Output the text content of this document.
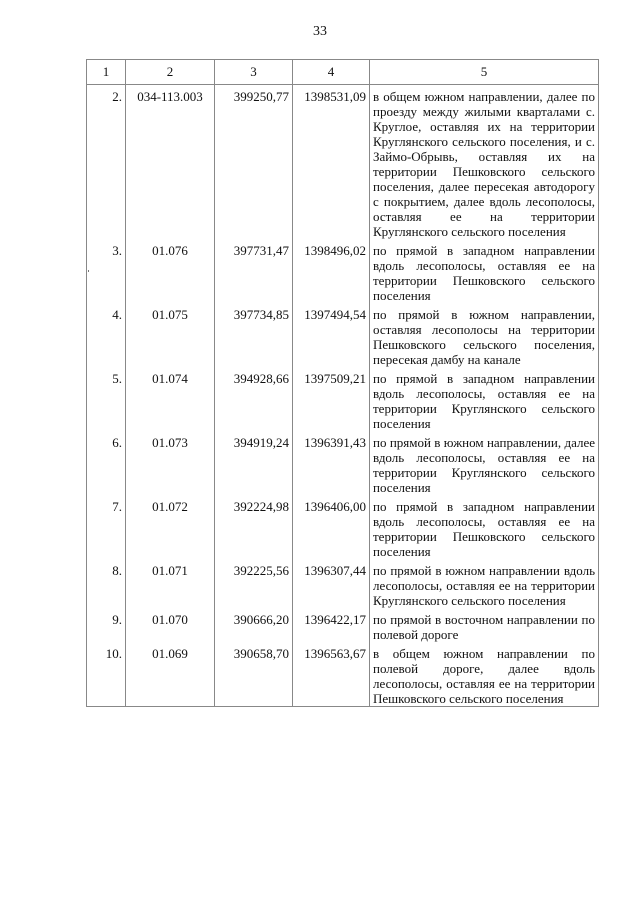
33
1	2	3	4	5
2.	034-113.003	399250,77	1398531,09	в общем южном направлении, далее по проезду между жилыми кварталами с. Круглое, оставляя их на территории Круглянского сельского поселения, и с. Займо-Обрывь, оставляя их на территории Пешковского сельского поселения, далее пересекая автодорогу с покрытием, далее вдоль лесополосы, оставляя ее на территории Круглянского сельского поселения
3.	01.076	397731,47	1398496,02	по прямой в западном направлении вдоль лесополосы, оставляя ее на территории Пешковского сельского поселения
4.	01.075	397734,85	1397494,54	по прямой в южном направлении, оставляя лесополосы на территории Пешковского сельского поселения, пересекая дамбу на канале
5.	01.074	394928,66	1397509,21	по прямой в западном направлении вдоль лесополосы, оставляя ее на территории Круглянского сельского поселения
6.	01.073	394919,24	1396391,43	по прямой в южном направлении, далее вдоль лесополосы, оставляя ее на территории Круглянского сельского поселения
7.	01.072	392224,98	1396406,00	по прямой в западном направлении вдоль лесополосы, оставляя ее на территории Пешковского сельского поселения
8.	01.071	392225,56	1396307,44	по прямой в южном направлении вдоль лесополосы, оставляя ее на территории Круглянского сельского поселения
9.	01.070	390666,20	1396422,17	по прямой в восточном направлении по полевой дороге
10.	01.069	390658,70	1396563,67	в общем южном направлении по полевой дороге, далее вдоль лесополосы, оставляя ее на территории Пешковского сельского поселения
